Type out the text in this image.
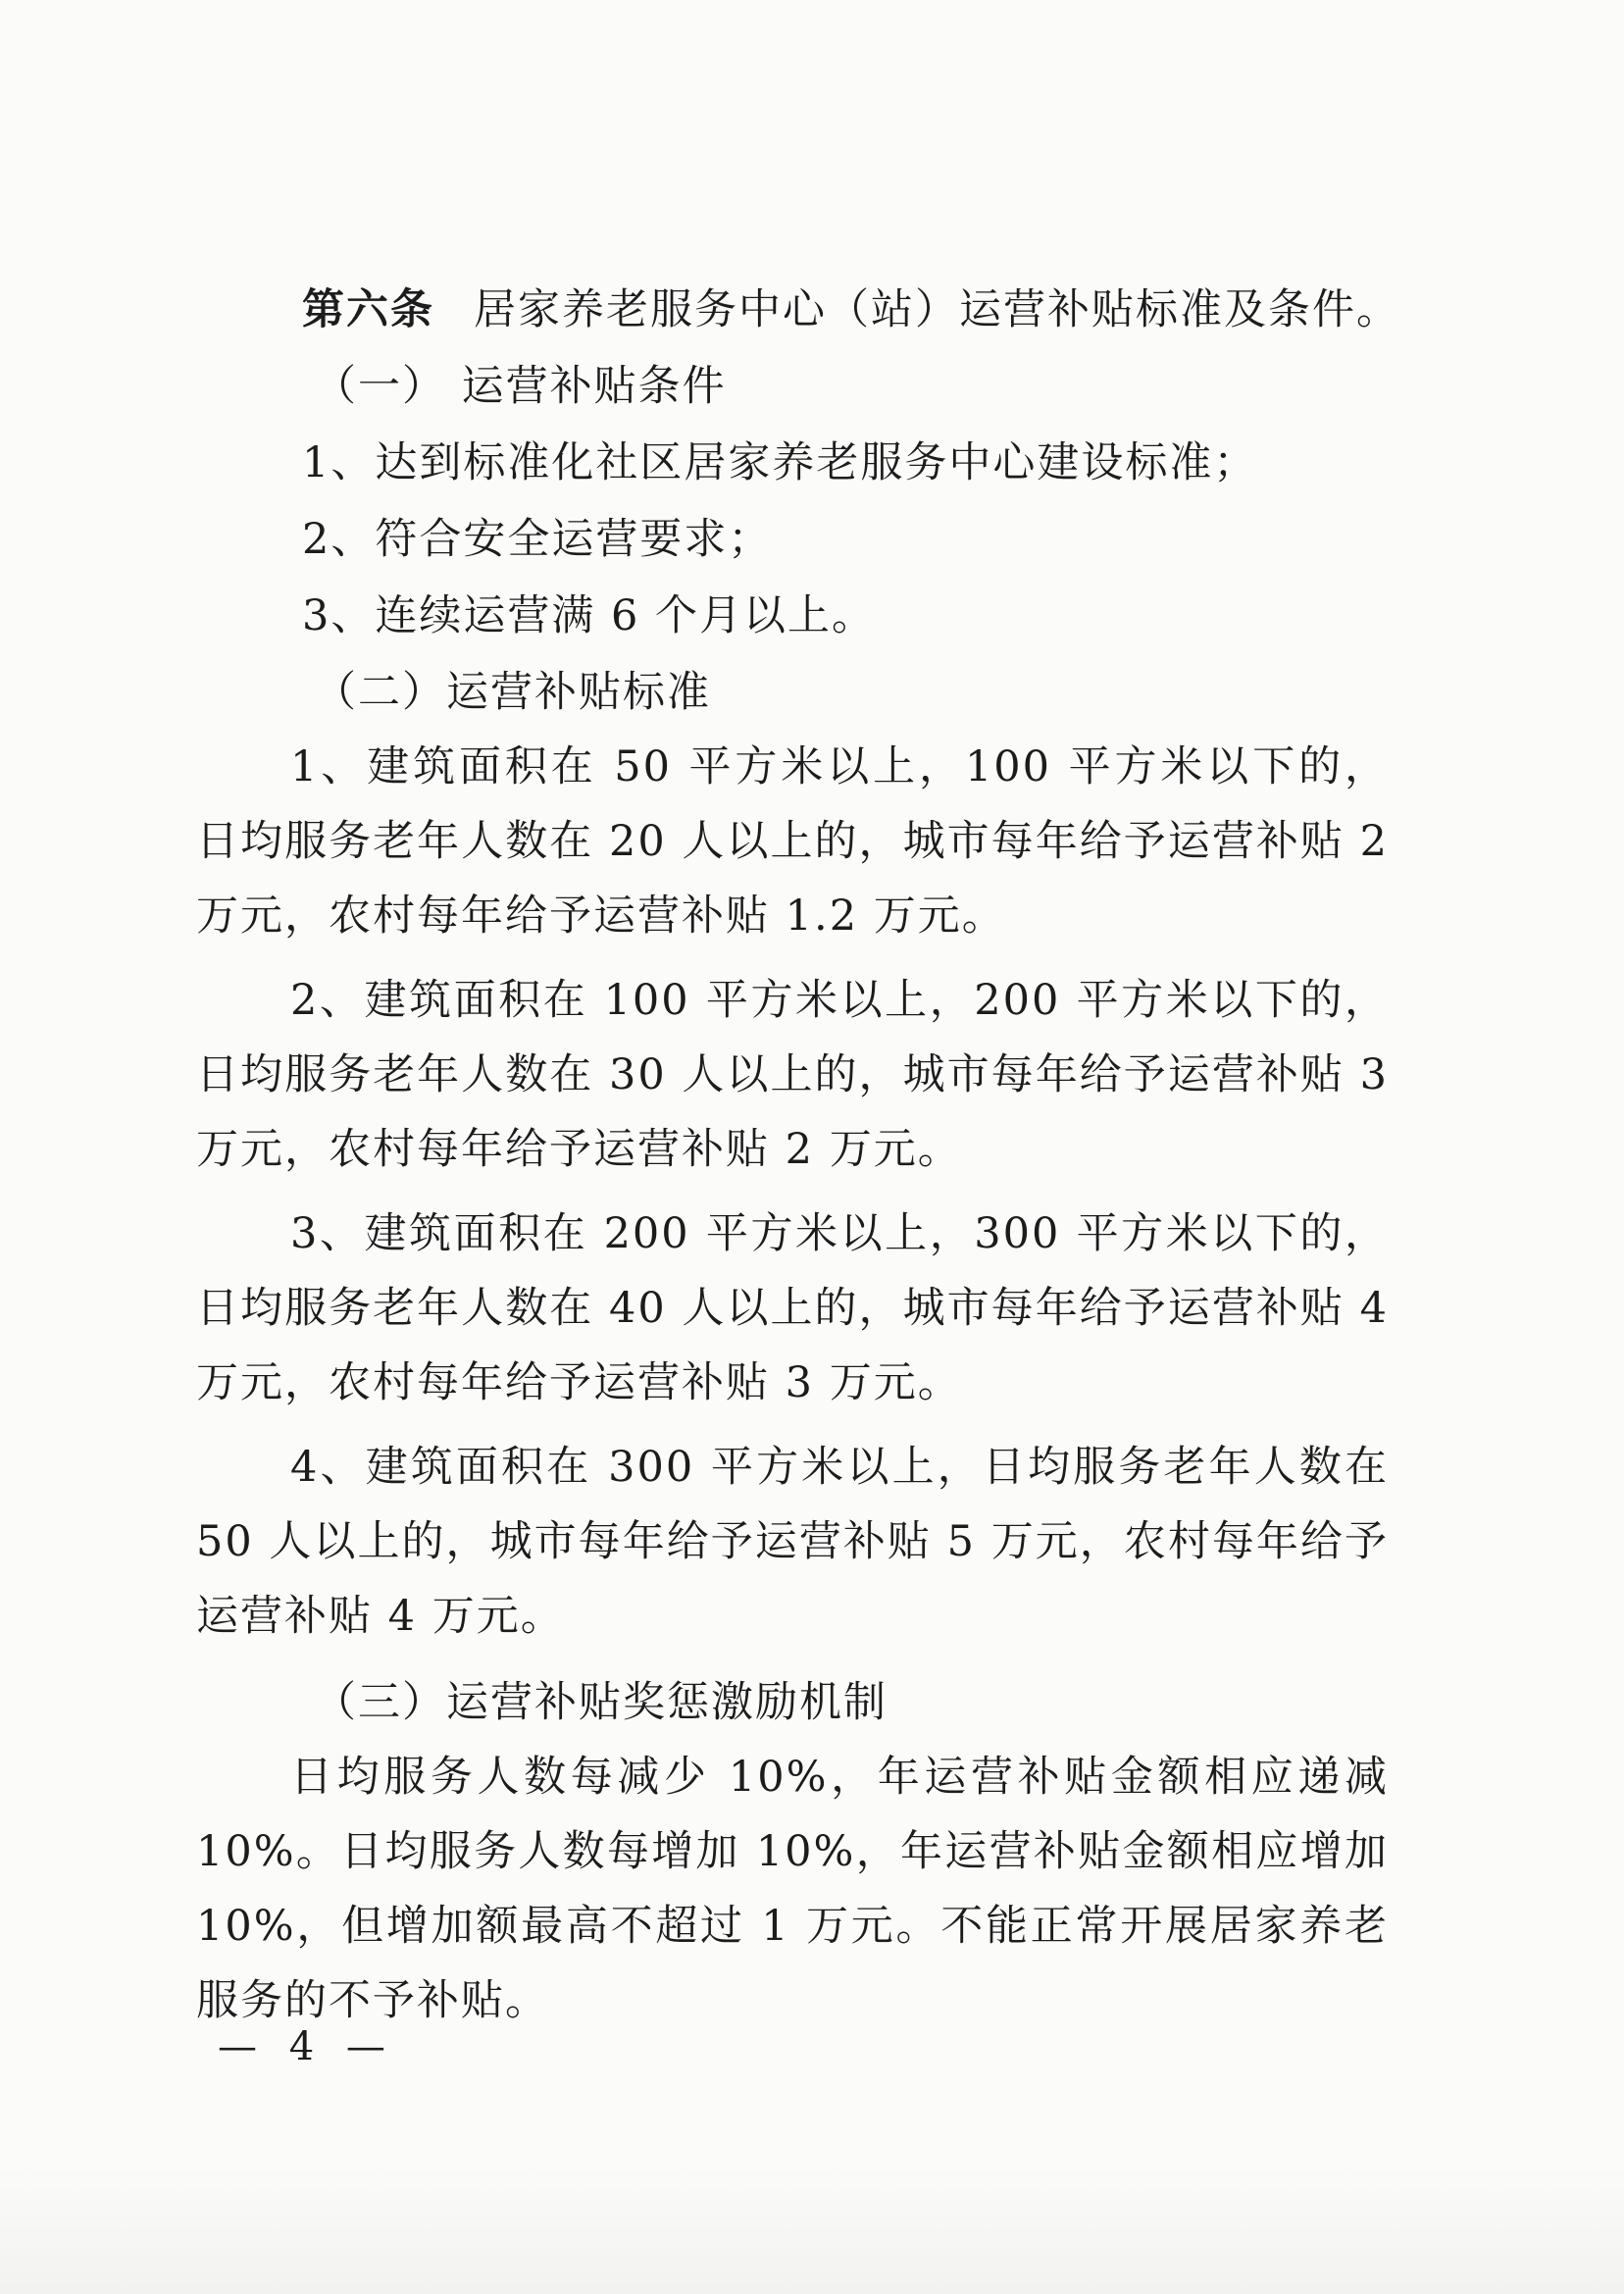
第六条 居家养老服务中心（站）运营补贴标准及条件。

（一） 运营补贴条件

1、达到标准化社区居家养老服务中心建设标准；

2、符合安全运营要求；

3、连续运营满 6 个月以上。

（二）运营补贴标准

1、建筑面积在 50 平方米以上，100 平方米以下的，日均服务老年人数在 20 人以上的，城市每年给予运营补贴 2 万元，农村每年给予运营补贴 1.2 万元。

2、建筑面积在 100 平方米以上，200 平方米以下的，日均服务老年人数在 30 人以上的，城市每年给予运营补贴 3 万元，农村每年给予运营补贴 2 万元。

3、建筑面积在 200 平方米以上，300 平方米以下的，日均服务老年人数在 40 人以上的，城市每年给予运营补贴 4 万元，农村每年给予运营补贴 3 万元。

4、建筑面积在 300 平方米以上，日均服务老年人数在 50 人以上的，城市每年给予运营补贴 5 万元，农村每年给予运营补贴 4 万元。

（三）运营补贴奖惩激励机制

日均服务人数每减少 10%，年运营补贴金额相应递减 10%。日均服务人数每增加 10%，年运营补贴金额相应增加 10%，但增加额最高不超过 1 万元。不能正常开展居家养老服务的不予补贴。

— 4 —
